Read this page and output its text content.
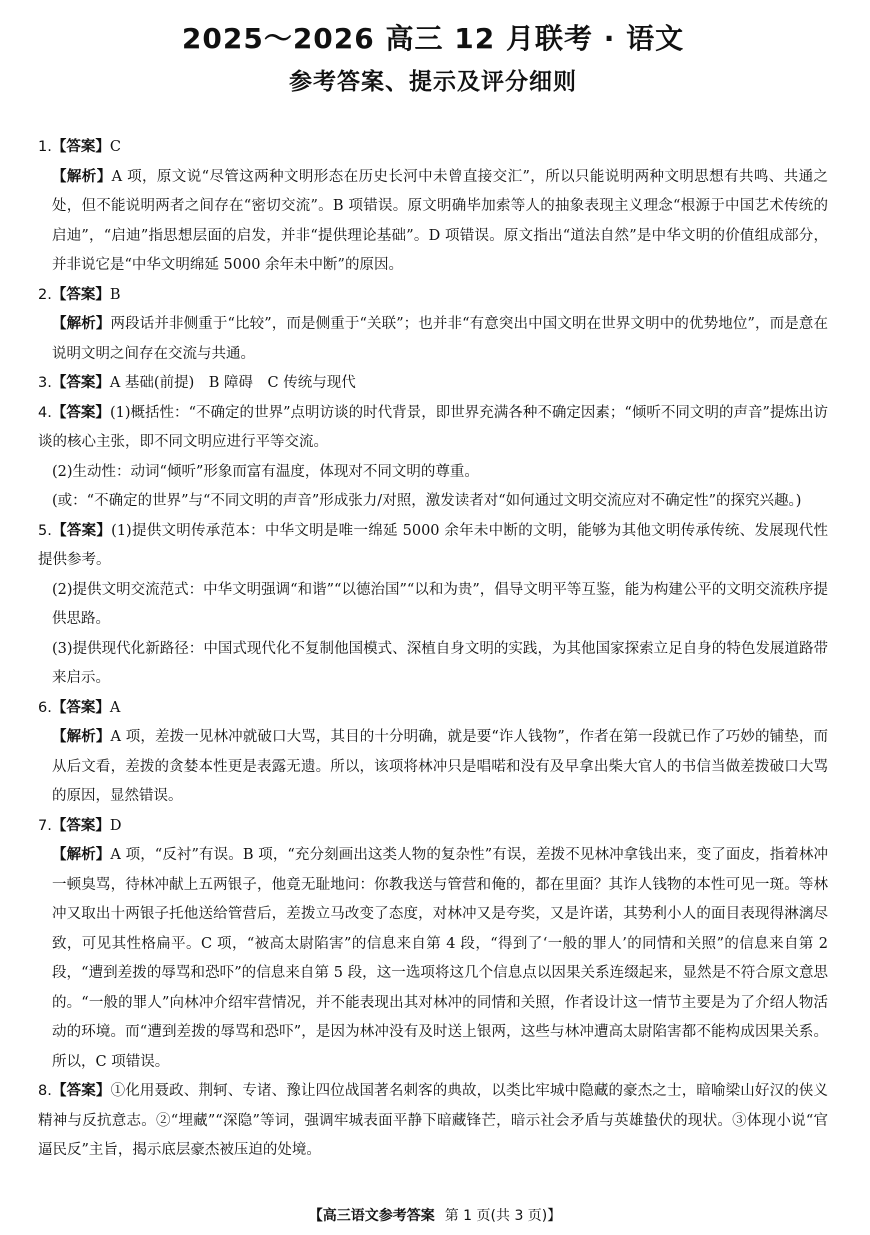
2025～2026 高三 12 月联考 · 语文
参考答案、提示及评分细则

1.【答案】C

【解析】A 项，原文说“尽管这两种文明形态在历史长河中未曾直接交汇”，所以只能说明两种文明思想有共鸣、共通之处，但不能说明两者之间存在“密切交流”。B 项错误。原文明确毕加索等人的抽象表现主义理念“根源于中国艺术传统的启迪”，“启迪”指思想层面的启发，并非“提供理论基础”。D 项错误。原文指出“道法自然”是中华文明的价值组成部分，并非说它是“中华文明绵延 5000 余年未中断”的原因。

2.【答案】B

【解析】两段话并非侧重于“比较”，而是侧重于“关联”；也并非“有意突出中国文明在世界文明中的优势地位”，而是意在说明文明之间存在交流与共通。

3.【答案】A 基础(前提)　B 障碍　C 传统与现代

4.【答案】(1)概括性：“不确定的世界”点明访谈的时代背景，即世界充满各种不确定因素；“倾听不同文明的声音”提炼出访谈的核心主张，即不同文明应进行平等交流。

(2)生动性：动词“倾听”形象而富有温度，体现对不同文明的尊重。

(或：“不确定的世界”与“不同文明的声音”形成张力/对照，激发读者对“如何通过文明交流应对不确定性”的探究兴趣。)

5.【答案】(1)提供文明传承范本：中华文明是唯一绵延 5000 余年未中断的文明，能够为其他文明传承传统、发展现代性提供参考。

(2)提供文明交流范式：中华文明强调“和谐”“以德治国”“以和为贵”，倡导文明平等互鉴，能为构建公平的文明交流秩序提供思路。

(3)提供现代化新路径：中国式现代化不复制他国模式、深植自身文明的实践，为其他国家探索立足自身的特色发展道路带来启示。

6.【答案】A

【解析】A 项，差拨一见林冲就破口大骂，其目的十分明确，就是要“诈人钱物”，作者在第一段就已作了巧妙的铺垫，而从后文看，差拨的贪婪本性更是表露无遗。所以，该项将林冲只是唱喏和没有及早拿出柴大官人的书信当做差拨破口大骂的原因，显然错误。

7.【答案】D

【解析】A 项，“反衬”有误。B 项，“充分刻画出这类人物的复杂性”有误，差拨不见林冲拿钱出来，变了面皮，指着林冲一顿臭骂，待林冲献上五两银子，他竟无耻地问：你教我送与管营和俺的，都在里面？其诈人钱物的本性可见一斑。等林冲又取出十两银子托他送给管营后，差拨立马改变了态度，对林冲又是夸奖，又是许诺，其势利小人的面目表现得淋漓尽致，可见其性格扁平。C 项，“被高太尉陷害”的信息来自第 4 段，“得到了‘一般的罪人’的同情和关照”的信息来自第 2 段，“遭到差拨的辱骂和恐吓”的信息来自第 5 段，这一选项将这几个信息点以因果关系连缀起来，显然是不符合原文意思的。“一般的罪人”向林冲介绍牢营情况，并不能表现出其对林冲的同情和关照，作者设计这一情节主要是为了介绍人物活动的环境。而“遭到差拨的辱骂和恐吓”，是因为林冲没有及时送上银两，这些与林冲遭高太尉陷害都不能构成因果关系。所以，C 项错误。

8.【答案】①化用聂政、荆轲、专诸、豫让四位战国著名刺客的典故，以类比牢城中隐藏的豪杰之士，暗喻梁山好汉的侠义精神与反抗意志。②“埋藏”“深隐”等词，强调牢城表面平静下暗藏锋芒，暗示社会矛盾与英雄蛰伏的现状。③体现小说“官逼民反”主旨，揭示底层豪杰被压迫的处境。

【高三语文参考答案 第 1 页(共 3 页)】
